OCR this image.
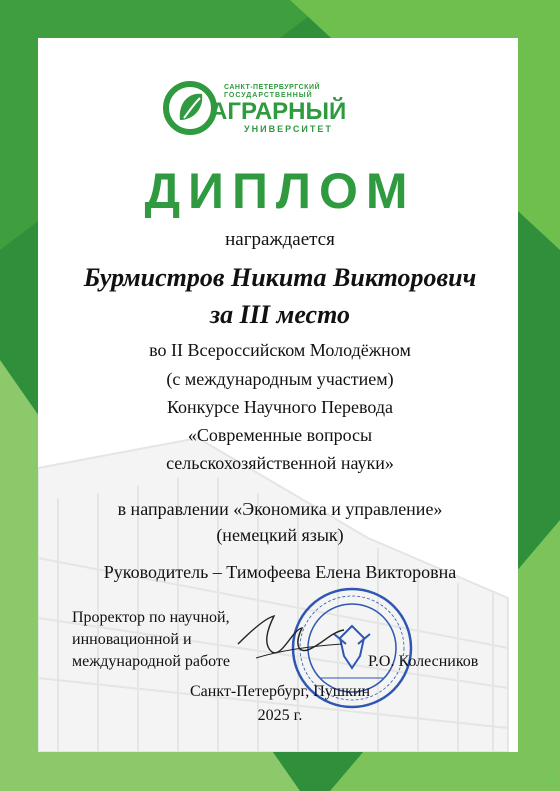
САНКТ-ПЕТЕРБУРГСКИЙ
ГОСУДАРСТВЕННЫЙ
АГРАРНЫЙ
УНИВЕРСИТЕТ
ДИПЛОМ
награждается
Бурмистров Никита Викторович
за III место
во II Всероссийском Молодёжном
(с международным участием)
Конкурсе Научного Перевода
«Современные вопросы
сельскохозяйственной науки»
в направлении «Экономика и управление»
(немецкий язык)
Руководитель – Тимофеева Елена Викторовна
Проректор по научной,
инновационной и
международной работе	Р.О. Колесников
Санкт-Петербург, Пушкин
2025 г.
⊕
